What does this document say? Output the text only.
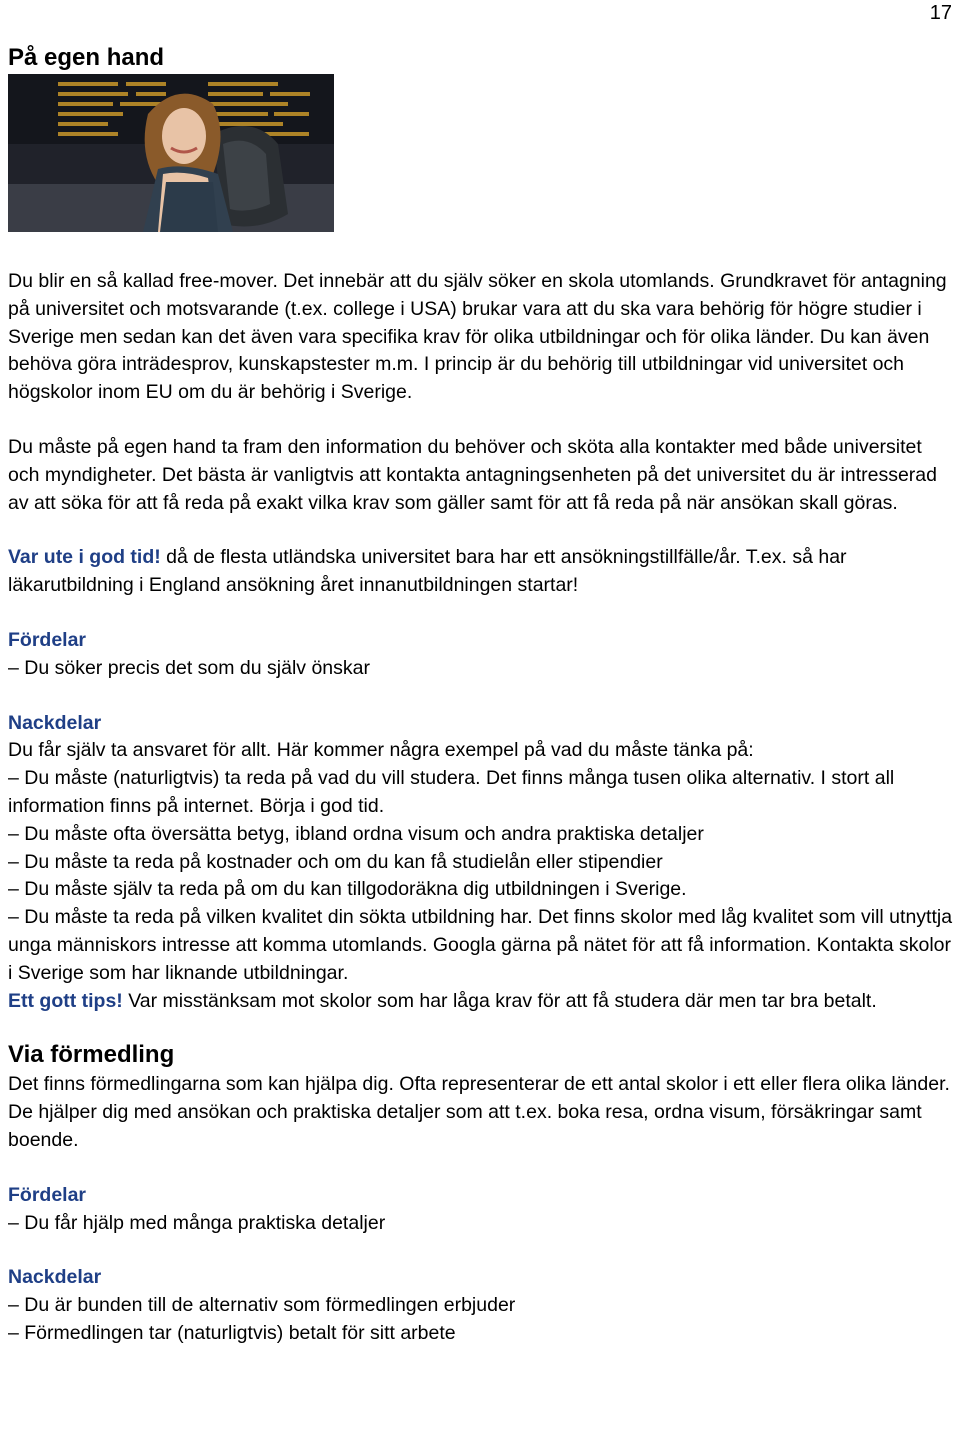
17
På egen hand

Du blir en så kallad free-mover. Det innebär att du själv söker en skola utomlands. Grundkravet för antagning på universitet och motsvarande (t.ex. college i USA) brukar vara att du ska vara behörig för högre studier i Sverige men sedan kan det även vara specifika krav för olika utbildningar och för olika länder. Du kan även behöva göra inträdesprov, kunskapstester m.m. I princip är du behörig till utbildningar vid universitet och högskolor inom EU om du är behörig i Sverige.

Du måste på egen hand ta fram den information du behöver och sköta alla kontakter med både universitet och myndigheter. Det bästa är vanligtvis att kontakta antagningsenheten på det universitet du är intresserad av att söka för att få reda på exakt vilka krav som gäller samt för att få reda på när ansökan skall göras.

Var ute i god tid! då de flesta utländska universitet bara har ett ansökningstillfälle/år. T.ex. så har läkarutbildning i England ansökning året innanutbildningen startar!

Fördelar

– Du söker precis det som du själv önskar

Nackdelar

Du får själv ta ansvaret för allt. Här kommer några exempel på vad du måste tänka på:

– Du måste (naturligtvis) ta reda på vad du vill studera. Det finns många tusen olika alternativ. I stort all information finns på internet. Börja i god tid.

– Du måste ofta översätta betyg, ibland ordna visum och andra praktiska detaljer

– Du måste ta reda på kostnader och om du kan få studielån eller stipendier

– Du måste själv ta reda på om du kan tillgodoräkna dig utbildningen i Sverige.

– Du måste ta reda på vilken kvalitet din sökta utbildning har. Det finns skolor med låg kvalitet som vill utnyttja unga människors intresse att komma utomlands. Googla gärna på nätet för att få information. Kontakta skolor i Sverige som har liknande utbildningar.

Ett gott tips! Var misstänksam mot skolor som har låga krav för att få studera där men tar bra betalt.

Via förmedling

Det finns förmedlingarna som kan hjälpa dig. Ofta representerar de ett antal skolor i ett eller flera olika länder. De hjälper dig med ansökan och praktiska detaljer som att t.ex. boka resa, ordna visum, försäkringar samt boende.

Fördelar

– Du får hjälp med många praktiska detaljer

Nackdelar

– Du är bunden till de alternativ som förmedlingen erbjuder

– Förmedlingen tar (naturligtvis) betalt för sitt arbete
